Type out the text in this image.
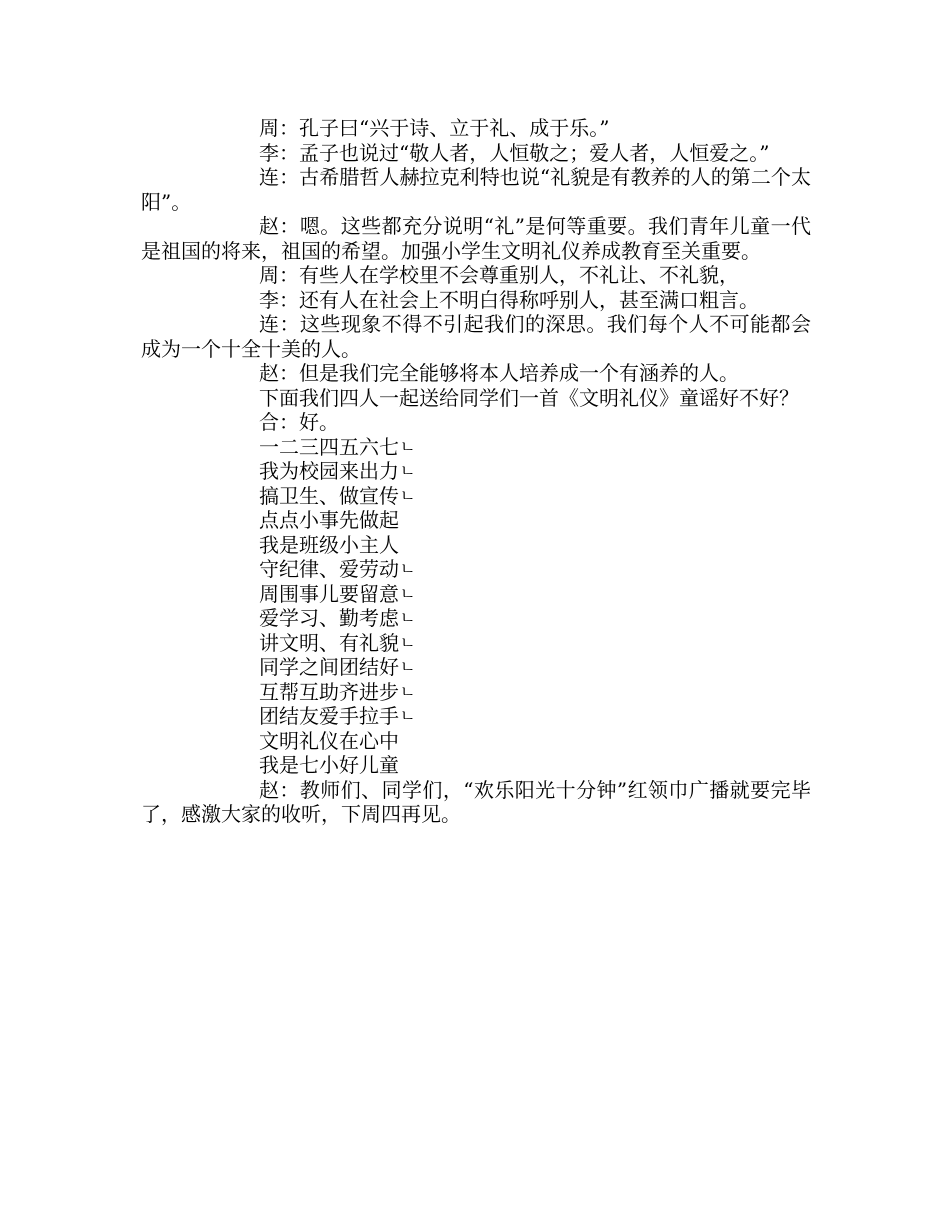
周：孔子曰“兴于诗、立于礼、成于乐。”

李：孟子也说过“敬人者，人恒敬之；爱人者，人恒爱之。”

连：古希腊哲人赫拉克利特也说“礼貌是有教养的人的第二个太阳”。

赵：嗯。这些都充分说明“礼”是何等重要。我们青年儿童一代是祖国的将来，祖国的希望。加强小学生文明礼仪养成教育至关重要。

周：有些人在学校里不会尊重别人，不礼让、不礼貌，

李：还有人在社会上不明白得称呼别人，甚至满口粗言。

连：这些现象不得不引起我们的深思。我们每个人不可能都会成为一个十全十美的人。

赵：但是我们完全能够将本人培养成一个有涵养的人。

下面我们四人一起送给同学们一首《文明礼仪》童谣好不好？

合：好。

一二三四五六七ㄴ

我为校园来出力ㄴ

搞卫生、做宣传ㄴ

点点小事先做起

我是班级小主人

守纪律、爱劳动ㄴ

周围事儿要留意ㄴ

爱学习、勤考虑ㄴ

讲文明、有礼貌ㄴ

同学之间团结好ㄴ

互帮互助齐进步ㄴ

团结友爱手拉手ㄴ

文明礼仪在心中

我是七小好儿童

赵：教师们、同学们，“欢乐阳光十分钟”红领巾广播就要完毕了，感激大家的收听，下周四再见。
